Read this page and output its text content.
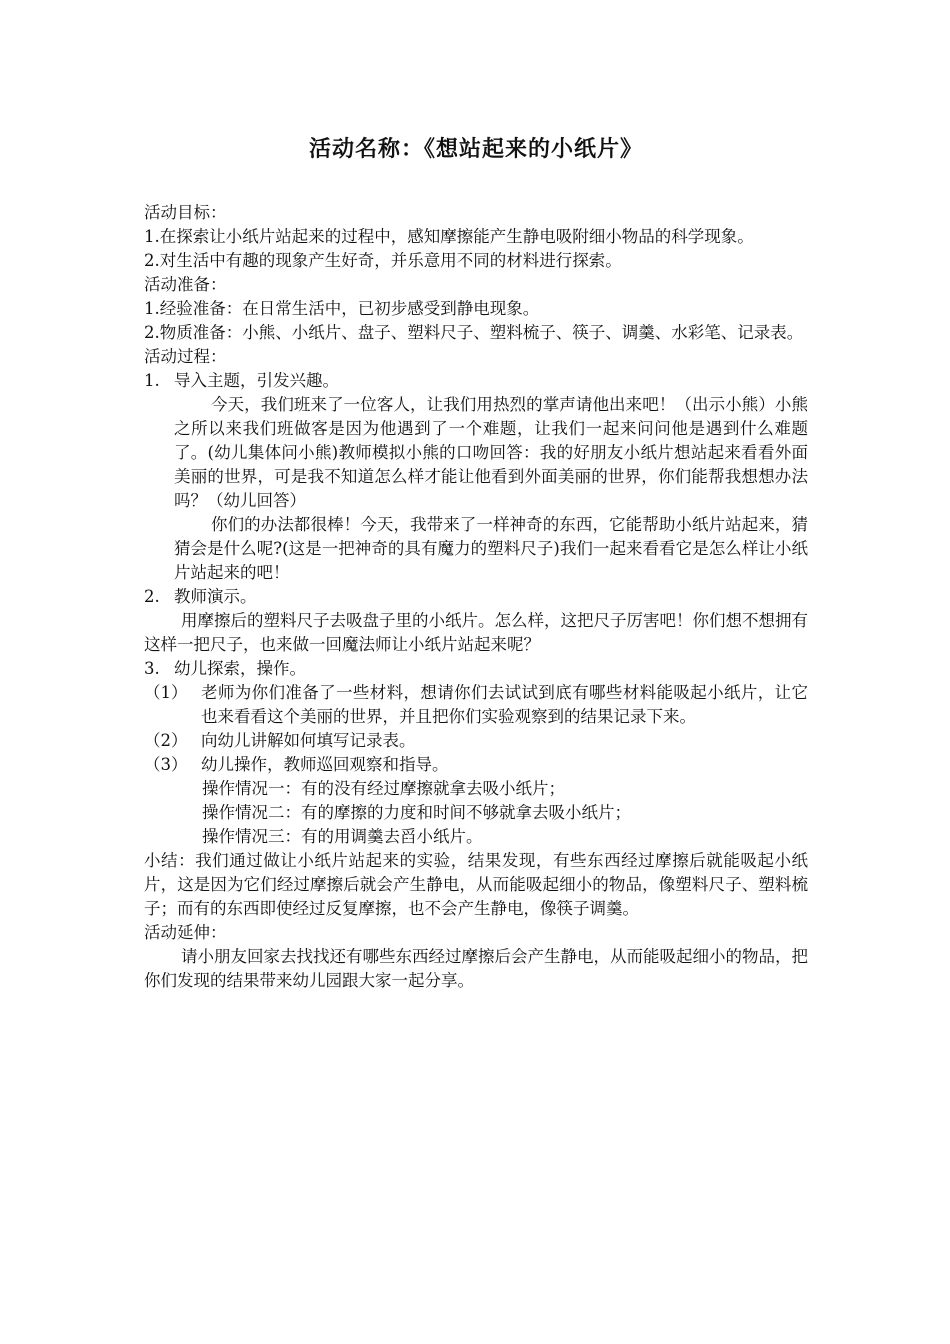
活动名称：《想站起来的小纸片》

活动目标：

1.在探索让小纸片站起来的过程中，感知摩擦能产生静电吸附细小物品的科学现象。

2.对生活中有趣的现象产生好奇，并乐意用不同的材料进行探索。

活动准备：

1.经验准备：在日常生活中，已初步感受到静电现象。

2.物质准备：小熊、小纸片、盘子、塑料尺子、塑料梳子、筷子、调羹、水彩笔、记录表。

活动过程：

1. 导入主题，引发兴趣。

今天，我们班来了一位客人，让我们用热烈的掌声请他出来吧！（出示小熊）小熊之所以来我们班做客是因为他遇到了一个难题，让我们一起来问问他是遇到什么难题了。(幼儿集体问小熊)教师模拟小熊的口吻回答：我的好朋友小纸片想站起来看看外面美丽的世界，可是我不知道怎么样才能让他看到外面美丽的世界，你们能帮我想想办法吗？（幼儿回答）

你们的办法都很棒！今天，我带来了一样神奇的东西，它能帮助小纸片站起来，猜猜会是什么呢?(这是一把神奇的具有魔力的塑料尺子)我们一起来看看它是怎么样让小纸片站起来的吧！

2. 教师演示。

用摩擦后的塑料尺子去吸盘子里的小纸片。怎么样，这把尺子厉害吧！你们想不想拥有这样一把尺子，也来做一回魔法师让小纸片站起来呢？

3. 幼儿探索，操作。

（1） 老师为你们准备了一些材料，想请你们去试试到底有哪些材料能吸起小纸片，让它也来看看这个美丽的世界，并且把你们实验观察到的结果记录下来。

（2） 向幼儿讲解如何填写记录表。

（3） 幼儿操作，教师巡回观察和指导。

操作情况一：有的没有经过摩擦就拿去吸小纸片；

操作情况二：有的摩擦的力度和时间不够就拿去吸小纸片；

操作情况三：有的用调羹去舀小纸片。

小结：我们通过做让小纸片站起来的实验，结果发现，有些东西经过摩擦后就能吸起小纸片，这是因为它们经过摩擦后就会产生静电，从而能吸起细小的物品，像塑料尺子、塑料梳子；而有的东西即使经过反复摩擦，也不会产生静电，像筷子调羹。

活动延伸：

请小朋友回家去找找还有哪些东西经过摩擦后会产生静电，从而能吸起细小的物品，把你们发现的结果带来幼儿园跟大家一起分享。
